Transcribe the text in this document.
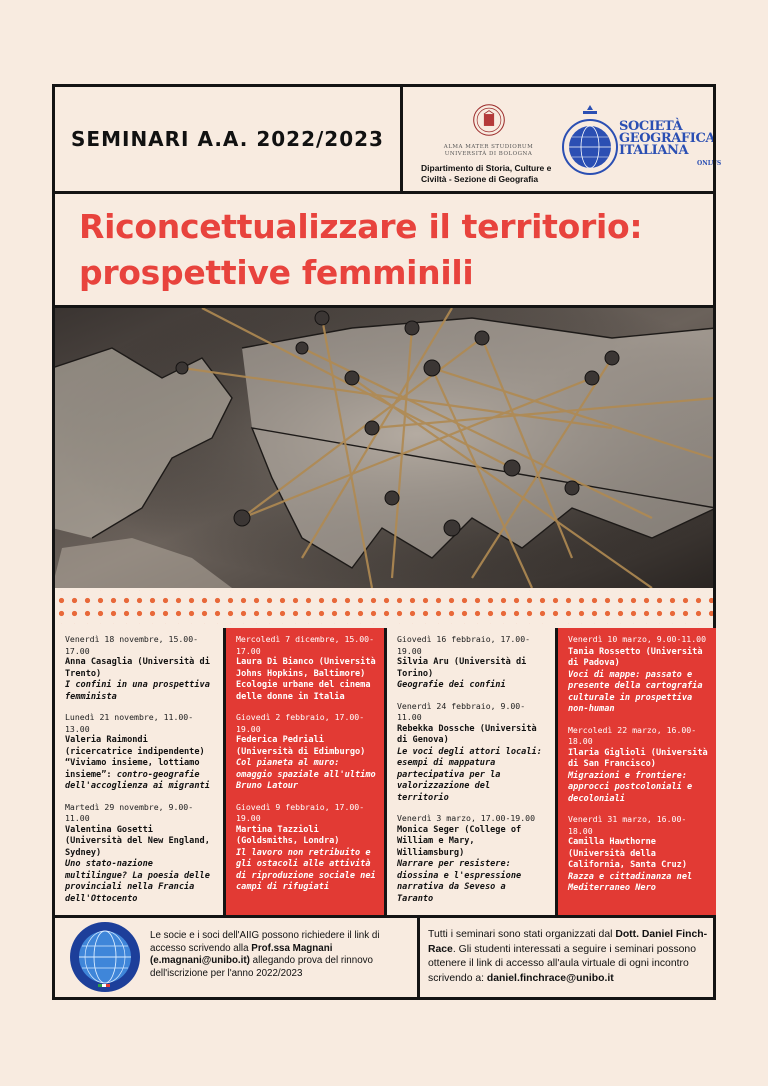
SEMINARI A.A. 2022/2023	ALMA MATER STUDIORUM
UNIVERSITÀ DI BOLOGNA
Dipartimento di Storia, Culture e Civiltà - Sezione di Geografia
SOCIETÀ
GEOGRAFICA
ITALIANA
ONLUS
Riconcettualizzare il territorio:
prospettive femminili
Venerdì 18 novembre, 15.00-17.00
Anna Casaglia (Università di Trento)
I confini in una prospettiva femminista
Lunedì 21 novembre, 11.00-13.00
Valeria Raimondi (ricercatrice indipendente)
“Viviamo insieme, lottiamo insieme”: contro-geografie dell'accoglienza ai migranti
Martedì 29 novembre, 9.00-11.00
Valentina Gosetti (Università del New England, Sydney)
Uno stato-nazione multilingue? La poesia delle provinciali nella Francia dell'Ottocento
Mercoledì 7 dicembre, 15.00-17.00
Laura Di Bianco (Università Johns Hopkins, Baltimore)
Ecologie urbane del cinema delle donne in Italia
Giovedì 2 febbraio, 17.00-19.00
Federica Pedriali (Università di Edimburgo)
Col pianeta al muro: omaggio spaziale all'ultimo Bruno Latour
Giovedì 9 febbraio, 17.00-19.00
Martina Tazzioli (Goldsmiths, Londra)
Il lavoro non retribuito e gli ostacoli alle attività di riproduzione sociale nei campi di rifugiati
Giovedì 16 febbraio, 17.00-19.00
Silvia Aru (Università di Torino)
Geografie dei confini
Venerdì 24 febbraio, 9.00-11.00
Rebekka Dossche (Università di Genova)
Le voci degli attori locali: esempi di mappatura partecipativa per la valorizzazione del territorio
Venerdì 3 marzo, 17.00-19.00
Monica Seger (College of William e Mary, Williamsburg)
Narrare per resistere: diossina e l'espressione narrativa da Seveso a Taranto
Venerdì 10 marzo, 9.00-11.00 Tania Rossetto (Università di Padova)
Voci di mappe: passato e presente della cartografia culturale in prospettiva non-human
Mercoledì 22 marzo, 16.00-18.00
Ilaria Giglioli (Università di San Francisco)
Migrazioni e frontiere: approcci postcoloniali e decoloniali
Venerdì 31 marzo, 16.00-18.00
Camilla Hawthorne (Università della California, Santa Cruz)
Razza e cittadinanza nel Mediterraneo Nero
Le socie e i soci dell'AIIG possono richiedere il link di accesso scrivendo alla Prof.ssa Magnani
(e.magnani@unibo.it) allegando prova del rinnovo dell'iscrizione per l'anno 2022/2023
Tutti i seminari sono stati organizzati dal Dott. Daniel Finch-Race. Gli studenti interessati a seguire i seminari possono ottenere il link di accesso all'aula virtuale di ogni incontro scrivendo a: daniel.finchrace@unibo.it
